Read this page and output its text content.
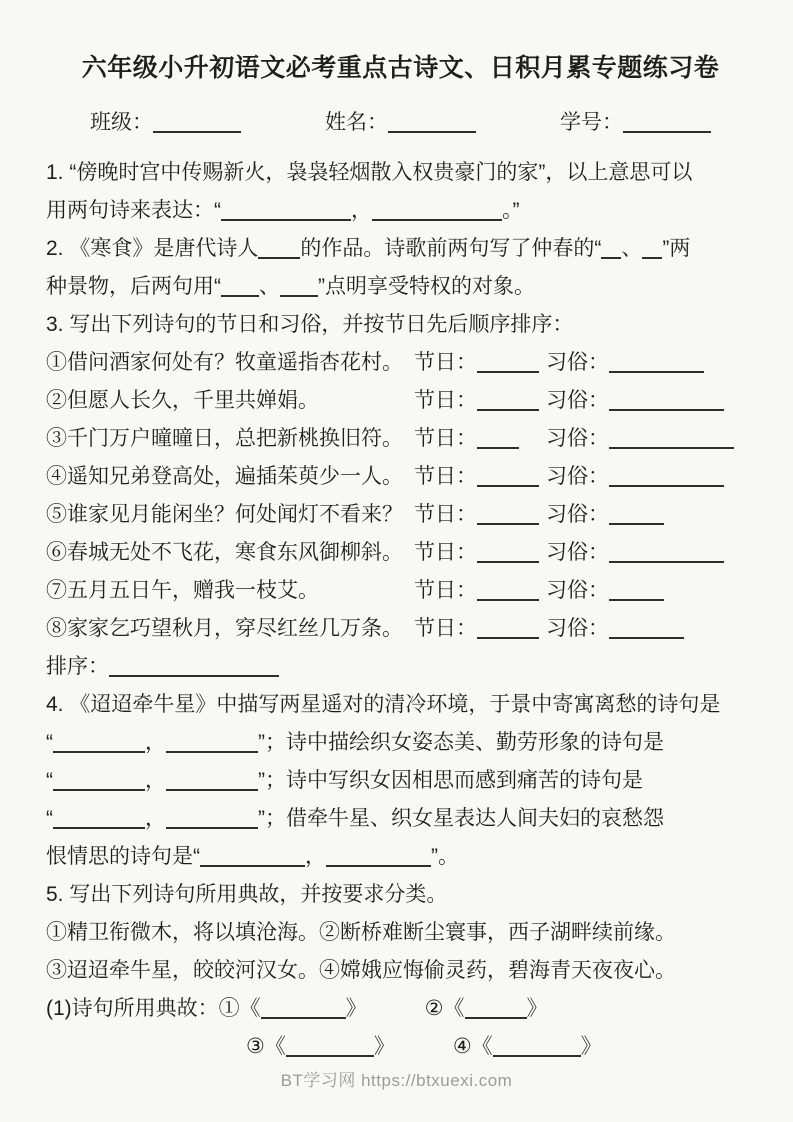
六年级小升初语文必考重点古诗文、日积月累专题练习卷
班级：	姓名：	学号：
1. “傍晚时宫中传赐新火，袅袅轻烟散入权贵豪门的家”，以上意思可以
用两句诗来表达：“	，	。”
2. 《寒食》是唐代诗人 的作品。诗歌前两句写了仲春的“ 、 ”两
种景物，后两句用“ 、 ”点明享受特权的对象。
3. 写出下列诗句的节日和习俗，并按节日先后顺序排序：
①借问酒家何处有？牧童遥指杏花村。 节日：	习俗：
②但愿人长久，千里共婵娟。	节日：	习俗：
③千门万户曈曈日，总把新桃换旧符。 节日：	习俗：
④遥知兄弟登高处，遍插茱萸少一人。 节日：	习俗：
⑤谁家见月能闲坐？何处闻灯不看来？ 节日：	习俗：
⑥春城无处不飞花，寒食东风御柳斜。 节日：	习俗：
⑦五月五日午，赠我一枝艾。	节日：	习俗：
⑧家家乞巧望秋月，穿尽红丝几万条。 节日：	习俗：
排序：
4. 《迢迢牵牛星》中描写两星遥对的清冷环境，于景中寄寓离愁的诗句是
“	，	”；诗中描绘织女姿态美、勤劳形象的诗句是
“	，	”；诗中写织女因相思而感到痛苦的诗句是
“	，	”；借牵牛星、织女星表达人间夫妇的哀愁怨
恨情思的诗句是“	，	”。
5. 写出下列诗句所用典故，并按要求分类。
①精卫衔微木，将以填沧海。②断桥难断尘寰事，西子湖畔续前缘。
③迢迢牵牛星，皎皎河汉女。④嫦娥应悔偷灵药，碧海青天夜夜心。
(1)诗句所用典故：①《	》	②《	》
③《	》	④《	》
BT学习网 https://btxuexi.com
